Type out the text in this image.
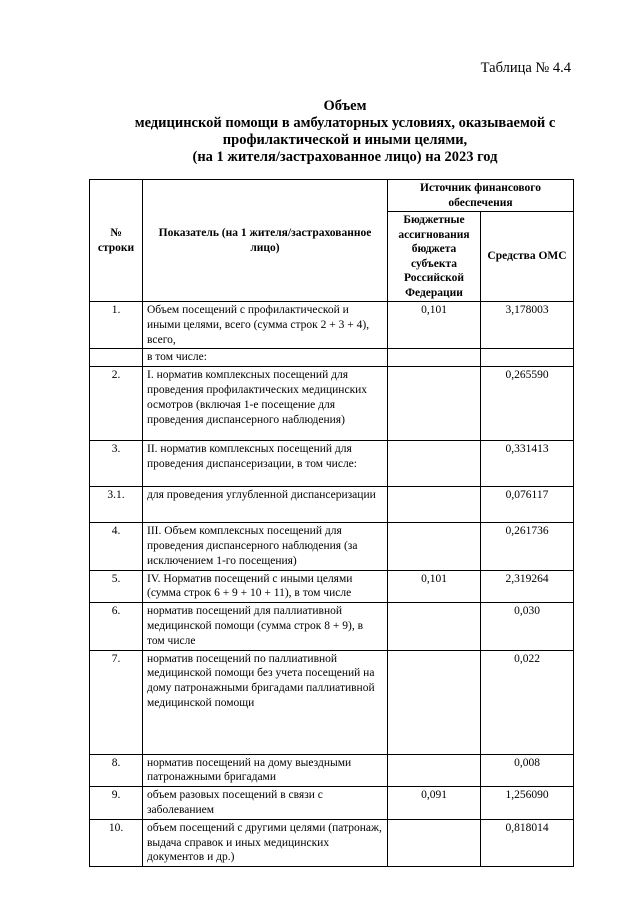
Таблица № 4.4
Объем
медицинской помощи в амбулаторных условиях, оказываемой с
профилактической и иными целями,
(на 1 жителя/застрахованное лицо) на 2023 год
№ строки	Показатель (на 1 жителя/застрахованное лицо)	Источник финансового обеспечения	
		Бюджетные ассигнования бюджета субъекта Российской Федерации	Средства ОМС
1.	Объем посещений с профилактической и иными целями, всего (сумма строк 2 + 3 + 4), всего,	0,101	3,178003
	в том числе:		
2.	I. норматив комплексных посещений для проведения профилактических медицинских осмотров (включая 1-е посещение для проведения диспансерного наблюдения)		0,265590
3.	II. норматив комплексных посещений для проведения диспансеризации, в том числе:		0,331413
3.1.	для проведения углубленной диспансеризации		0,076117
4.	III. Объем комплексных посещений для проведения диспансерного наблюдения (за исключением 1-го посещения)		0,261736
5.	IV. Норматив посещений с иными целями (сумма строк 6 + 9 + 10 + 11), в том числе	0,101	2,319264
6.	норматив посещений для паллиативной медицинской помощи (сумма строк 8 + 9), в том числе		0,030
7.	норматив посещений по паллиативной медицинской помощи без учета посещений на дому патронажными бригадами паллиативной медицинской помощи		0,022
8.	норматив посещений на дому выездными патронажными бригадами		0,008
9.	объем разовых посещений в связи с заболеванием	0,091	1,256090
10.	объем посещений с другими целями (патронаж, выдача справок и иных медицинских документов и др.)		0,818014
